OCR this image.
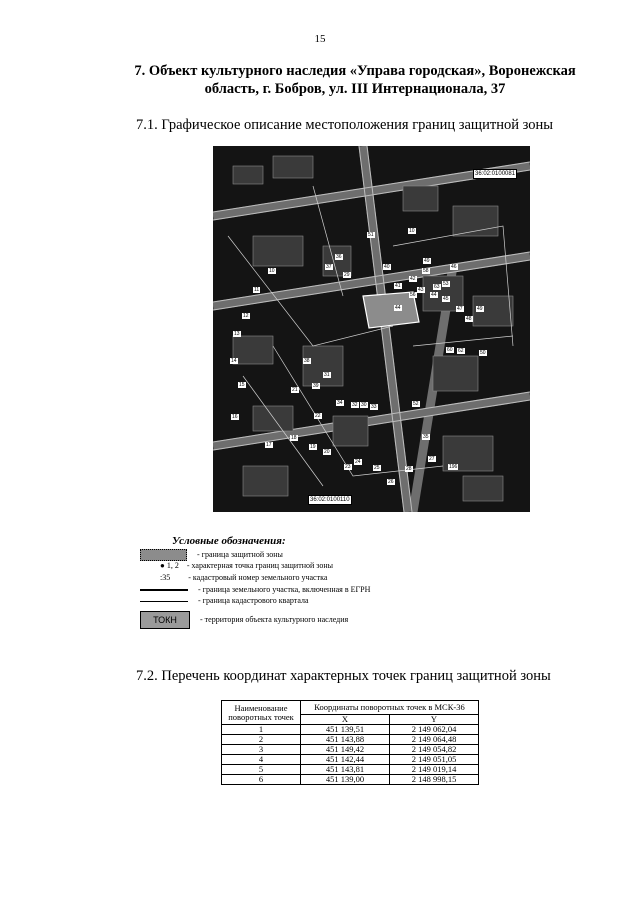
15
7. Объект культурного наследия «Управа городская», Воронежская область, г. Бобров, ул. III Интернационала, 37
7.1. Графическое описание местоположения границ защитной зоны
36:02:0100081
36:02:0100110
10
10
11
12
13
14
15
16
17
18
19
20
21
22
23
24
25
26
27
28	196
31
32	33
34
35
36
37
38
39
40
41
42
43
44
45
46
47
48
49
50
52
44
49
53
56
58
60 62
63
30
29
51
Условные обозначения:
- граница защитной зоны
● 1, 2 - характерная точка границ защитной зоны
:35 - кадастровый номер земельного участка
- граница земельного участка, включенная в ЕГРН
- граница кадастрового квартала
ТОКН	- территория объекта культурного наследия
7.2. Перечень координат характерных точек границ защитной зоны
Наименование поворотных точек	Координаты поворотных точек в МСК-36	
	X	Y
1	451 139,51	2 149 062,04
2	451 143,88	2 149 064,48
3	451 149,42	2 149 054,82
4	451 142,44	2 149 051,05
5	451 143,81	2 149 019,14
6	451 139,00	2 148 998,15
